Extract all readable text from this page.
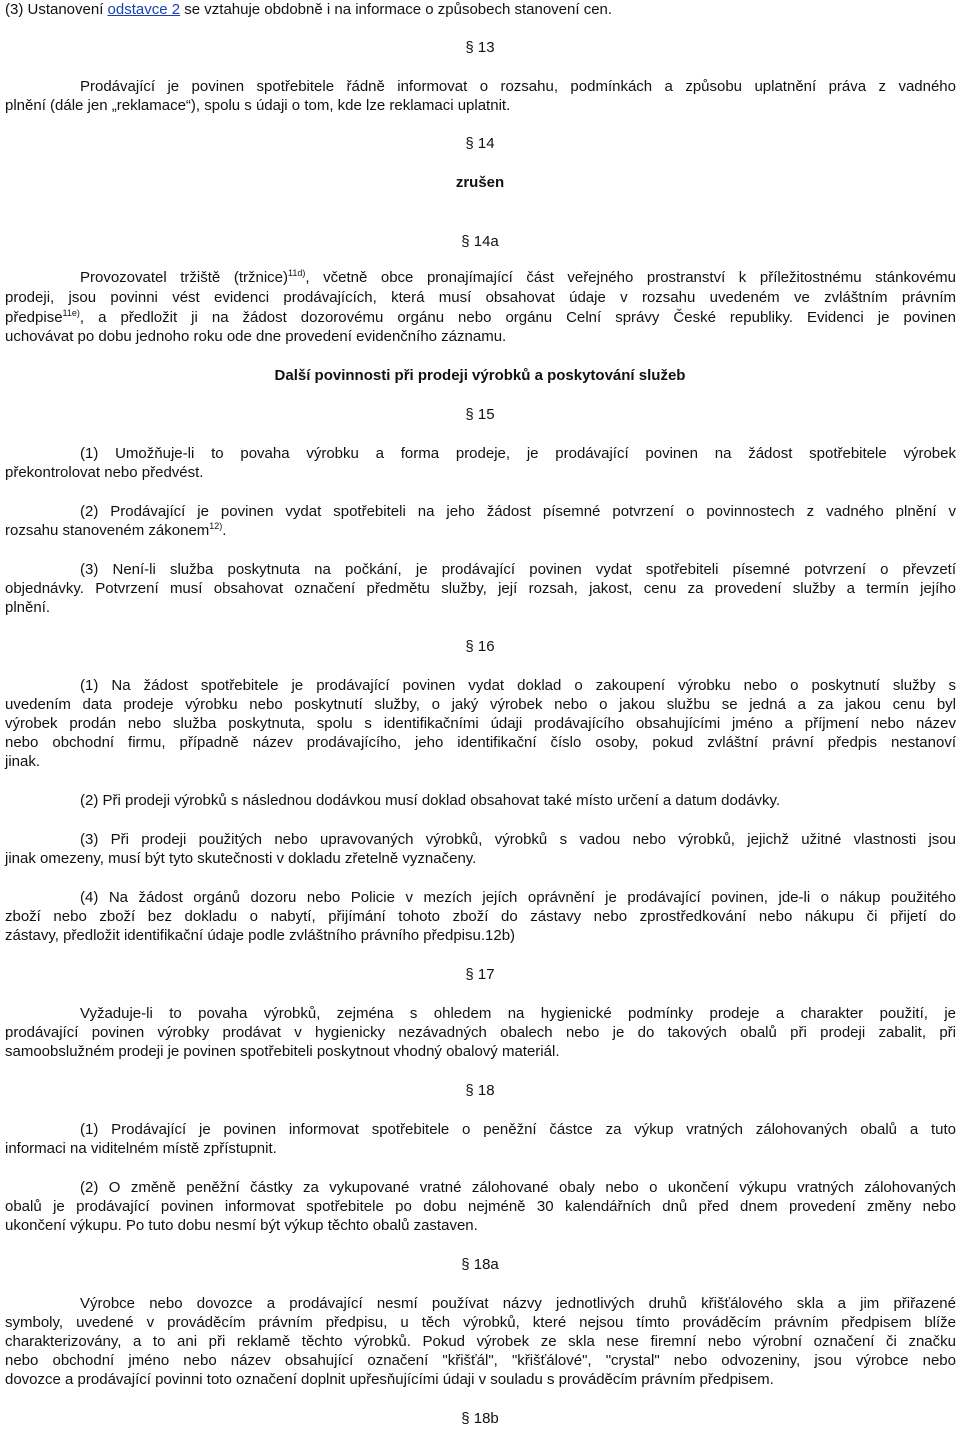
(3) Ustanovení odstavce 2 se vztahuje obdobně i na informace o způsobech stanovení cen.
§ 13
Prodávající je povinen spotřebitele řádně informovat o rozsahu, podmínkách a způsobu uplatnění práva z vadného
plnění (dále jen „reklamace“), spolu s údaji o tom, kde lze reklamaci uplatnit.
§ 14
zrušen
§ 14a
Provozovatel tržiště (tržnice)$^{11d)}$, včetně obce pronajímající část veřejného prostranství k příležitostnému stánkovému
prodeji, jsou povinni vést evidenci prodávajících, která musí obsahovat údaje v rozsahu uvedeném ve zvláštním právním
předpise$^{11e)}$, a předložit ji na žádost dozorovému orgánu nebo orgánu Celní správy České republiky. Evidenci je povinen
uchovávat po dobu jednoho roku ode dne provedení evidenčního záznamu.
Další povinnosti při prodeji výrobků a poskytování služeb
§ 15
(1) Umožňuje-li to povaha výrobku a forma prodeje, je prodávající povinen na žádost spotřebitele výrobek
překontrolovat nebo předvést.
(2) Prodávající je povinen vydat spotřebiteli na jeho žádost písemné potvrzení o povinnostech z vadného plnění v
rozsahu stanoveném zákonem$^{12)}$.
(3) Není-li služba poskytnuta na počkání, je prodávající povinen vydat spotřebiteli písemné potvrzení o převzetí
objednávky. Potvrzení musí obsahovat označení předmětu služby, její rozsah, jakost, cenu za provedení služby a termín jejího
plnění.
§ 16
(1) Na žádost spotřebitele je prodávající povinen vydat doklad o zakoupení výrobku nebo o poskytnutí služby s
uvedením data prodeje výrobku nebo poskytnutí služby, o jaký výrobek nebo o jakou službu se jedná a za jakou cenu byl
výrobek prodán nebo služba poskytnuta, spolu s identifikačními údaji prodávajícího obsahujícími jméno a příjmení nebo název
nebo obchodní firmu, případně název prodávajícího, jeho identifikační číslo osoby, pokud zvláštní právní předpis nestanoví
jinak.
(2) Při prodeji výrobků s následnou dodávkou musí doklad obsahovat také místo určení a datum dodávky.
(3) Při prodeji použitých nebo upravovaných výrobků, výrobků s vadou nebo výrobků, jejichž užitné vlastnosti jsou
jinak omezeny, musí být tyto skutečnosti v dokladu zřetelně vyznačeny.
(4) Na žádost orgánů dozoru nebo Policie v mezích jejích oprávnění je prodávající povinen, jde-li o nákup použitého
zboží nebo zboží bez dokladu o nabytí, přijímání tohoto zboží do zástavy nebo zprostředkování nebo nákupu či přijetí do
zástavy, předložit identifikační údaje podle zvláštního právního předpisu.12b)
§ 17
Vyžaduje-li to povaha výrobků, zejména s ohledem na hygienické podmínky prodeje a charakter použití, je
prodávající povinen výrobky prodávat v hygienicky nezávadných obalech nebo je do takových obalů při prodeji zabalit, při
samoobslužném prodeji je povinen spotřebiteli poskytnout vhodný obalový materiál.
§ 18
(1) Prodávající je povinen informovat spotřebitele o peněžní částce za výkup vratných zálohovaných obalů a tuto
informaci na viditelném místě zpřístupnit.
(2) O změně peněžní částky za vykupované vratné zálohované obaly nebo o ukončení výkupu vratných zálohovaných
obalů je prodávající povinen informovat spotřebitele po dobu nejméně 30 kalendářních dnů před dnem provedení změny nebo
ukončení výkupu. Po tuto dobu nesmí být výkup těchto obalů zastaven.
§ 18a
Výrobce nebo dovozce a prodávající nesmí používat názvy jednotlivých druhů křišťálového skla a jim přiřazené
symboly, uvedené v prováděcím právním předpisu, u těch výrobků, které nejsou tímto prováděcím právním předpisem blíže
charakterizovány, a to ani při reklamě těchto výrobků. Pokud výrobek ze skla nese firemní nebo výrobní označení či značku
nebo obchodní jméno nebo název obsahující označení "křišťál", "křišťálové", "crystal" nebo odvozeniny, jsou výrobce nebo
dovozce a prodávající povinni toto označení doplnit upřesňujícími údaji v souladu s prováděcím právním předpisem.
§ 18b
